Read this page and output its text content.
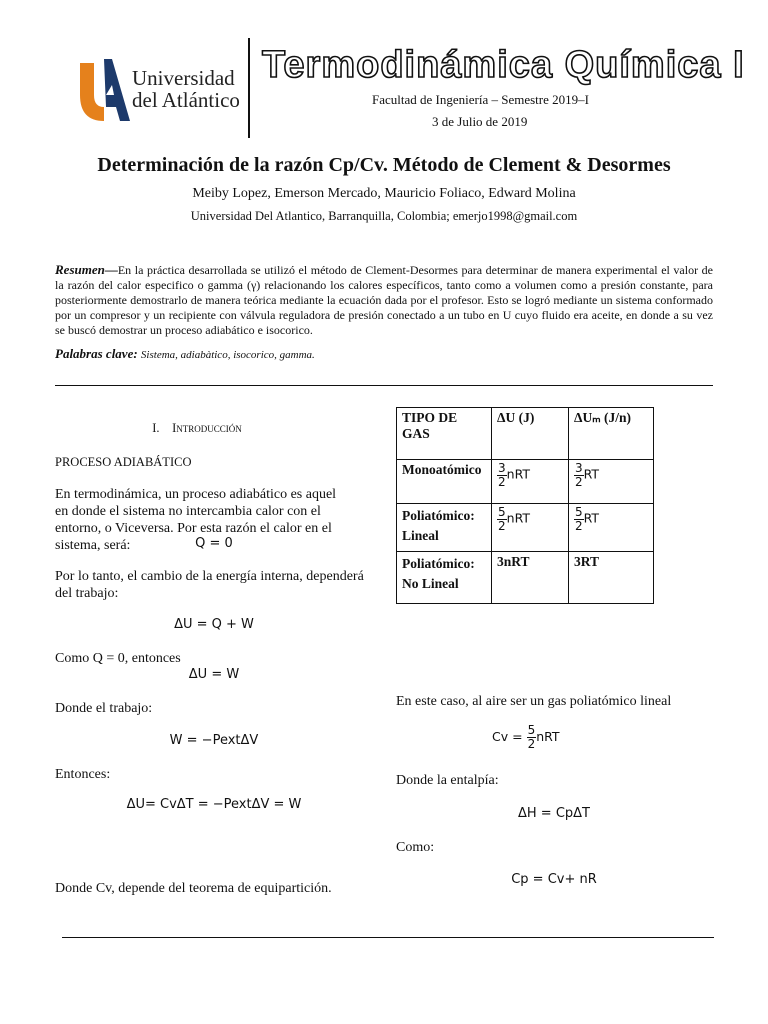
Universidad
del Atlántico
Termodinámica Química I
Facultad de Ingeniería – Semestre 2019–I
3 de Julio de 2019
Determinación de la razón Cp/Cv. Método de Clement & Desormes
Meiby Lopez, Emerson Mercado, Mauricio Foliaco, Edward Molina
Universidad Del Atlantico, Barranquilla, Colombia; emerjo1998@gmail.com
Resumen—En la práctica desarrollada se utilizó el método de Clement-Desormes para determinar de manera experimental el valor de la razón del calor especifico o gamma (γ) relacionando los calores específicos, tanto como a volumen como a presión constante, para posteriormente demostrarlo de manera teórica mediante la ecuación dada por el profesor. Esto se logró mediante un sistema conformado por un compresor y un recipiente con válvula reguladora de presión conectado a un tubo en U cuyo fluido era aceite, en donde a su vez se buscó demostrar un proceso adiabático e isocorico.
Palabras clave: Sistema, adiabàtico, isocorico, gamma.
I. Introducción
PROCESO ADIABÁTICO
En termodinámica, un proceso adiabático es aquel en donde el sistema no intercambia calor con el entorno, o Viceversa. Por esta razón el calor en el sistema, será:	Q = 0
Por lo tanto, el cambio de la energía interna, dependerá del trabajo:
ΔU = Q + W
Como Q = 0, entonces
ΔU = W
Donde el trabajo:
W = −PextΔV
Entonces:
ΔU= CvΔT = −PextΔV = W
Donde Cv, depende del teorema de equipartición.
TIPO DE GAS	ΔU (J)	ΔUₘ (J/n)
Monoatómico	$\frac{3}{2}$ nRT	$\frac{3}{2}$ RT
Poliatómico: Lineal	$\frac{5}{2}$ nRT	$\frac{5}{2}$ RT
Poliatómico: No Lineal	3nRT	3RT
En este caso, al aire ser un gas poliatómico lineal
$Cv = \frac{5}{2}$ nRT
Donde la entalpía:
ΔH = CpΔT
Como:
Cp = Cv+ nR
